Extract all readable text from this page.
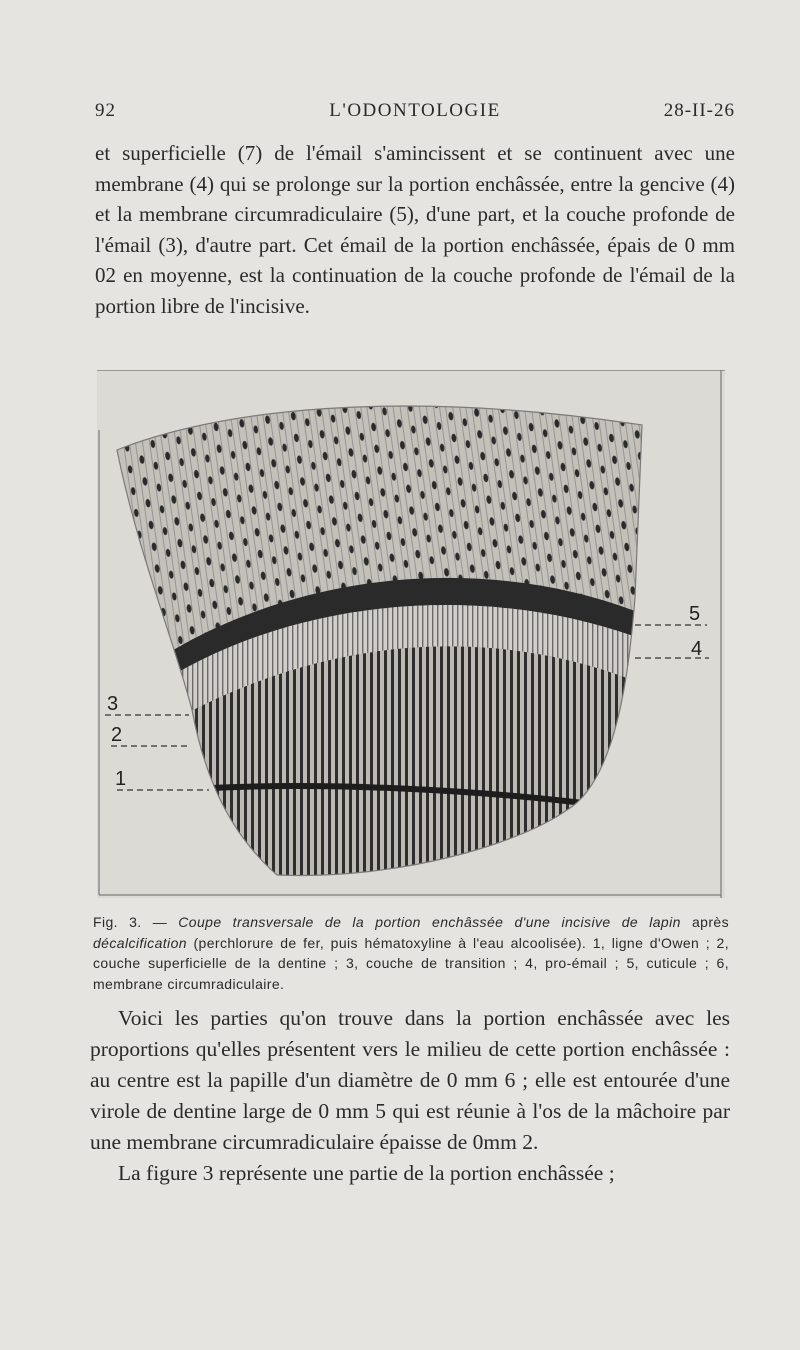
92	L'ODONTOLOGIE	28-II-26

et superficielle (7) de l'émail s'amincissent et se continuent avec une membrane (4) qui se prolonge sur la portion enchâssée, entre la gencive (4) et la membrane circumradiculaire (5), d'une part, et la couche profonde de l'émail (3), d'autre part. Cet émail de la portion enchâssée, épais de 0 mm 02 en moyenne, est la continuation de la couche profonde de l'émail de la portion libre de l'incisive.

5
4
3
2
1
Fig. 3. — Coupe transversale de la portion enchâssée d'une incisive de lapin après décalcification (perchlorure de fer, puis hématoxyline à l'eau alcoolisée). 1, ligne d'Owen ; 2, couche superficielle de la dentine ; 3, couche de transition ; 4, pro-émail ; 5, cuticule ; 6, membrane circumradiculaire.

Voici les parties qu'on trouve dans la portion enchâssée avec les proportions qu'elles présentent vers le milieu de cette portion enchâssée : au centre est la papille d'un diamètre de 0 mm 6 ; elle est entourée d'une virole de dentine large de 0 mm 5 qui est réunie à l'os de la mâchoire par une membrane circumradiculaire épaisse de 0mm 2.

La figure 3 représente une partie de la portion enchâssée ;
